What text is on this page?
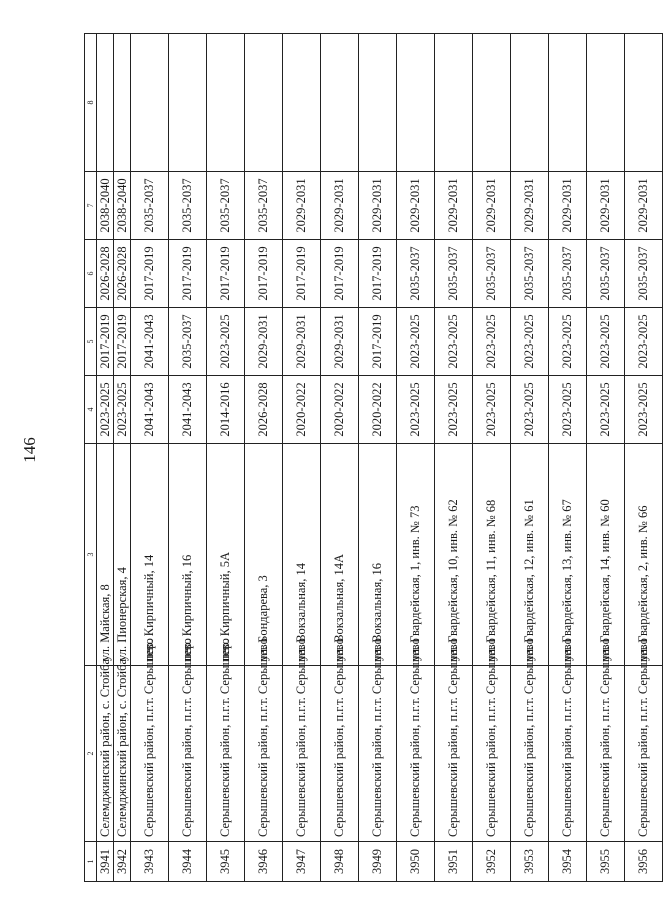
146
1	2	3	4	5	6	7	8
3941	Селемджинский район, с. Стойба	ул. Майская, 8	2023-2025	2017-2019	2026-2028	2038-2040	
3942	Селемджинский район, с. Стойба	ул. Пионерская, 4	2023-2025	2017-2019	2026-2028	2038-2040	
3943	Серышевский район, п.г.т. Серышево	пер. Кирпичный, 14	2041-2043	2041-2043	2017-2019	2035-2037	
3944	Серышевский район, п.г.т. Серышево	пер. Кирпичный, 16	2041-2043	2035-2037	2017-2019	2035-2037	
3945	Серышевский район, п.г.т. Серышево	пер. Кирпичный, 5А	2014-2016	2023-2025	2017-2019	2035-2037	
3946	Серышевский район, п.г.т. Серышево	ул. Бондарева, 3	2026-2028	2029-2031	2017-2019	2035-2037	
3947	Серышевский район, п.г.т. Серышево	ул. Вокзальная, 14	2020-2022	2029-2031	2017-2019	2029-2031	
3948	Серышевский район, п.г.т. Серышево	ул. Вокзальная, 14А	2020-2022	2029-2031	2017-2019	2029-2031	
3949	Серышевский район, п.г.т. Серышево	ул. Вокзальная, 16	2020-2022	2017-2019	2017-2019	2029-2031	
3950	Серышевский район, п.г.т. Серышево	ул. Гвардейская, 1, инв. № 73	2023-2025	2023-2025	2035-2037	2029-2031	
3951	Серышевский район, п.г.т. Серышево	ул. Гвардейская, 10, инв. № 62	2023-2025	2023-2025	2035-2037	2029-2031	
3952	Серышевский район, п.г.т. Серышево	ул. Гвардейская, 11, инв. № 68	2023-2025	2023-2025	2035-2037	2029-2031	
3953	Серышевский район, п.г.т. Серышево	ул. Гвардейская, 12, инв. № 61	2023-2025	2023-2025	2035-2037	2029-2031	
3954	Серышевский район, п.г.т. Серышево	ул. Гвардейская, 13, инв. № 67	2023-2025	2023-2025	2035-2037	2029-2031	
3955	Серышевский район, п.г.т. Серышево	ул. Гвардейская, 14, инв. № 60	2023-2025	2023-2025	2035-2037	2029-2031	
3956	Серышевский район, п.г.т. Серышево	ул. Гвардейская, 2, инв. № 66	2023-2025	2023-2025	2035-2037	2029-2031	
